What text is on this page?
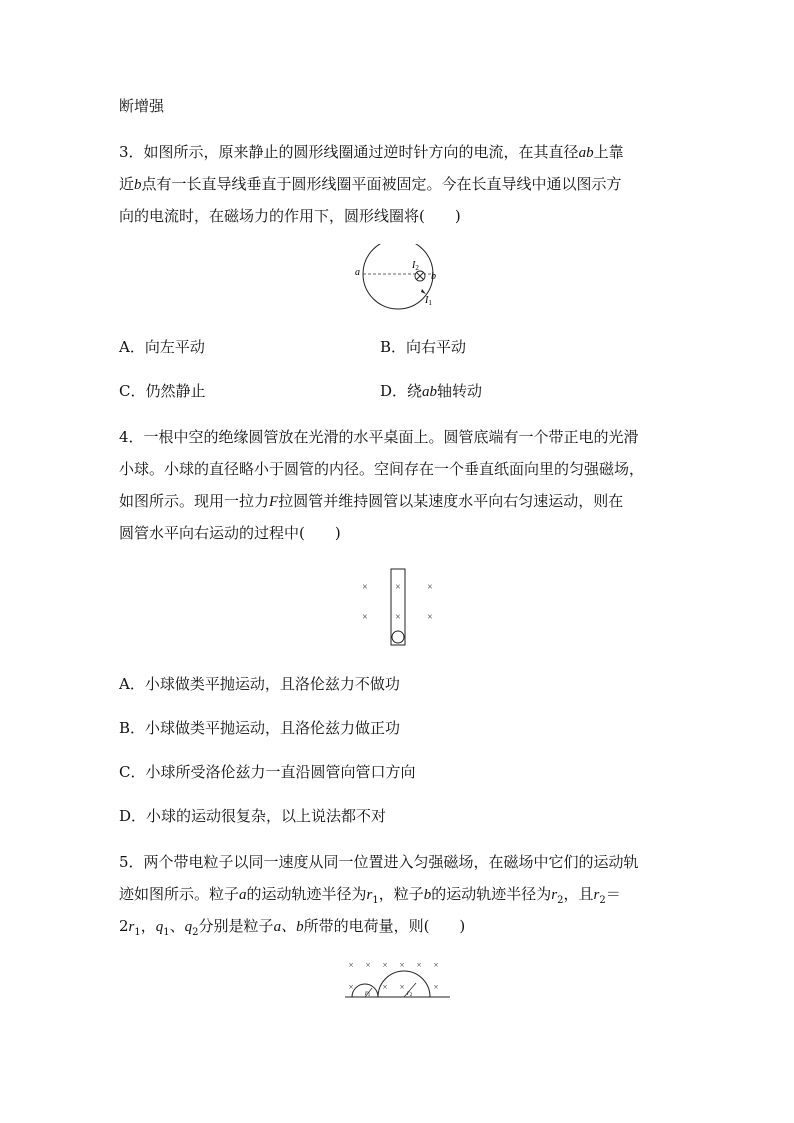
断增强
3．如图所示，原来静止的圆形线圈通过逆时针方向的电流，在其直径ab上靠
近b点有一长直导线垂直于圆形线圈平面被固定。今在长直导线中通以图示方
向的电流时，在磁场力的作用下，圆形线圈将(　　)
a	b
$I_2$
$I_1$
A．向左平动	B．向右平动
C．仍然静止	D．绕ab轴转动
4．一根中空的绝缘圆管放在光滑的水平桌面上。圆管底端有一个带正电的光滑
小球。小球的直径略小于圆管的内径。空间存在一个垂直纸面向里的匀强磁场，
如图所示。现用一拉力F拉圆管并维持圆管以某速度水平向右匀速运动，则在
圆管水平向右运动的过程中(　　)
×	×	×
×	×	×
A．小球做类平抛运动，且洛伦兹力不做功
B．小球做类平抛运动，且洛伦兹力做正功
C．小球所受洛伦兹力一直沿圆管向管口方向
D．小球的运动很复杂，以上说法都不对
5．两个带电粒子以同一速度从同一位置进入匀强磁场，在磁场中它们的运动轨
迹如图所示。粒子a的运动轨迹半径为$r_1$，粒子b的运动轨迹半径为$r_2$，且$r_2=$
$2r_1$，$q_1$、$q_2$分别是粒子a、b所带的电荷量，则(　　)
× × × × × ×
×	× ×	×
r1	r2
